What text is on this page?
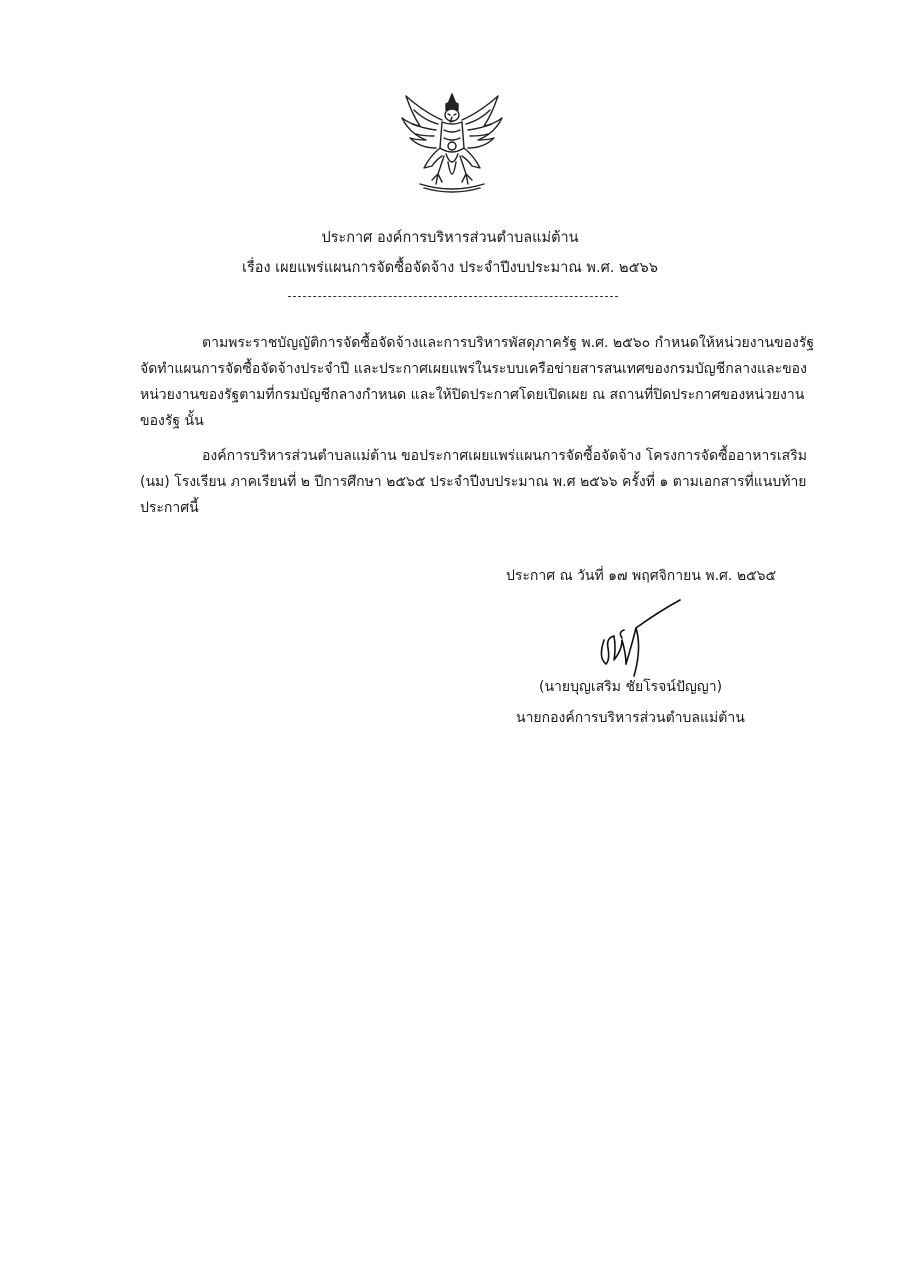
ประกาศ องค์การบริหารส่วนตำบลแม่ต้าน
เรื่อง เผยแพร่แผนการจัดซื้อจัดจ้าง ประจำปีงบประมาณ พ.ศ. ๒๕๖๖
ตามพระราชบัญญัติการจัดซื้อจัดจ้างและการบริหารพัสดุภาครัฐ พ.ศ. ๒๕๖๐ กำหนดให้หน่วยงานของรัฐ
จัดทำแผนการจัดซื้อจัดจ้างประจำปี และประกาศเผยแพร่ในระบบเครือข่ายสารสนเทศของกรมบัญชีกลางและของ
หน่วยงานของรัฐตามที่กรมบัญชีกลางกำหนด และให้ปิดประกาศโดยเปิดเผย ณ สถานที่ปิดประกาศของหน่วยงาน
ของรัฐ นั้น
องค์การบริหารส่วนตำบลแม่ต้าน ขอประกาศเผยแพร่แผนการจัดซื้อจัดจ้าง โครงการจัดซื้ออาหารเสริม
(นม) โรงเรียน ภาคเรียนที่ ๒ ปีการศึกษา ๒๕๖๕ ประจำปีงบประมาณ พ.ศ ๒๕๖๖ ครั้งที่ ๑ ตามเอกสารที่แนบท้าย
ประกาศนี้
ประกาศ ณ วันที่ ๑๗ พฤศจิกายน พ.ศ. ๒๕๖๕
(นายบุญเสริม ชัยโรจน์ปัญญา)
นายกองค์การบริหารส่วนตำบลแม่ต้าน
